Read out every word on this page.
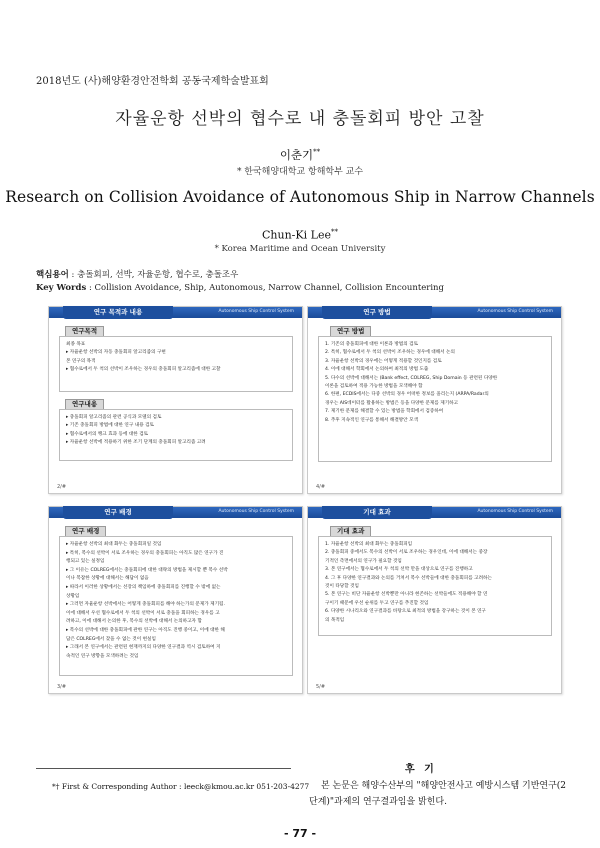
2018년도 (사)해양환경안전학회 공동국제학술발표회
자율운항 선박의 협수로 내 충돌회피 방안 고찰
이춘기**
* 한국해양대학교 항해학부 교수
Research on Collision Avoidance of Autonomous Ship in Narrow Channels
Chun-Ki Lee**
* Korea Maritime and Ocean University
핵심용어 : 충돌회피, 선박, 자율운항, 협수로, 충돌조우
Key Words : Collision Avoidance, Ship, Autonomous, Narrow Channel, Collision Encountering
연구 목적과 내용	Autonomous Ship Control System
연구목적
최종 목표
▸ 자율운항 선박의 자동 충돌회피 알고리즘의 구현
본 연구의 목적
▸ 협수로에서 두 척의 선박이 조우하는 경우의 충돌회피 알고리즘에 대한 고찰
연구내용
▸ 충돌회피 알고리즘의 관련 공식과 모델의 검토
▸ 기존 충돌회피 방법에 대한 연구 내용 검토
▸ 협수로에서의 뱅크 효과 등에 대한 검토
▸ 자율운항 선박에 적용하기 위한 조기 단계의 충돌회피 알고리즘 고려
2/#
연구 방법	Autonomous Ship Control System
연구 방법
1. 기존의 충돌회피에 대한 이론과 방법의 검토
2. 특히, 협수로에서 두 척의 선박이 조우하는 경우에 대해서 논의
3. 자율운항 선박의 경우에는 어떻게 적용할 것인지를 검토
4. 이에 대해서 학회에서 논의하여 최적의 방법 도출
5. 다수의 선박에 대해서는 (Bank effect, COLREG, Ship Domain 등 관련된 다양한
이론을 검토하여 적용 가능한 방법을 모색해야 함
6. 한편, ECDIS에서는 다중 선박의 경우 어떠한 정보를 올리는지 (ARPA/Radar의
경우는 AIS데이터를 활용하는 방법은 등을 다양한 문제를 제기하고
7. 제기한 문제를 해결할 수 있는 방법을 학회에서 검증하여
8. 추후 지속적인 연구를 통해서 해결방안 모색
4/#
연구 배경	Autonomous Ship Control System
연구 배경
▸ 자율운항 선박의 최대 화두는 충돌회피일 것임
▸ 특히, 복수의 선박이 서로 조우하는 경우의 충돌회피는 아직도 많은 연구가 진
행되고 있는 실정임
▸ 그 이유는 COLREG에서는 충돌회피에 대한 대략의 방법을 제시할 뿐 복수 선박
이나 복잡한 상황에 대해서는 해답이 없음
▸ 따라서 이러한 상황에서는 선장의 책임하에 충돌회피를 진행할 수 밖에 없는
상황임
▸ 그러면 자율운항 선박에서는 어떻게 충돌회피를 해야 하는가의 문제가 제기됨.
이에 대해서 우선 협수로에서 두 척의 선박이 서로 충돌을 회피하는 경우를 고
려하고, 이에 대해서 논의한 후, 복수의 선박에 대해서 논의하고자 함
▸ 복수의 선박에 대한 충돌회피에 관한 연구는 아직도 진행 중이고, 이에 대한 해
답은 COLREG에서 찾을 수 없는 것이 현실임
▸ 그래서 본 연구에서는 관련된 현재까지의 다양한 연구결과 역시 검토하여 지
속적인 연구 방향을 모색하려는 것임
3/#
기대 효과	Autonomous Ship Control System
기대 효과
1. 자율운항 선박의 최대 화두는 충돌회피임
2. 충돌회피 중에서도 복수의 선박이 서로 조우하는 경우인데, 이에 대해서는 중장
기적인 측면에서의 연구가 필요할 것임
3. 본 연구에서는 협수로에서 두 척의 선박 만을 대상으로 연구를 진행하고
4. 그 후 다양한 연구결과와 논의를 거쳐서 복수 선박들에 대한 충돌회피를 고려하는
것이 타당할 것임
5. 본 연구는 비단 자율운항 선박뿐만 아니라 현존하는 선박들에도 적용해야 할 연
구이기 때문에 우선 순위를 두고 연구를 추진할 것임
6. 다양한 시나리오와 연구결과를 바탕으로 최적의 방법을 강구하는 것이 본 연구
의 목적임
5/#
후 기
본 논문은 해양수산부의 "해양안전사고 예방시스템 기반연구(2단계)"과제의 연구결과임을 밝힌다.
*† First & Corresponding Author : leeck@kmou.ac.kr 051-203-4277
- 77 -
